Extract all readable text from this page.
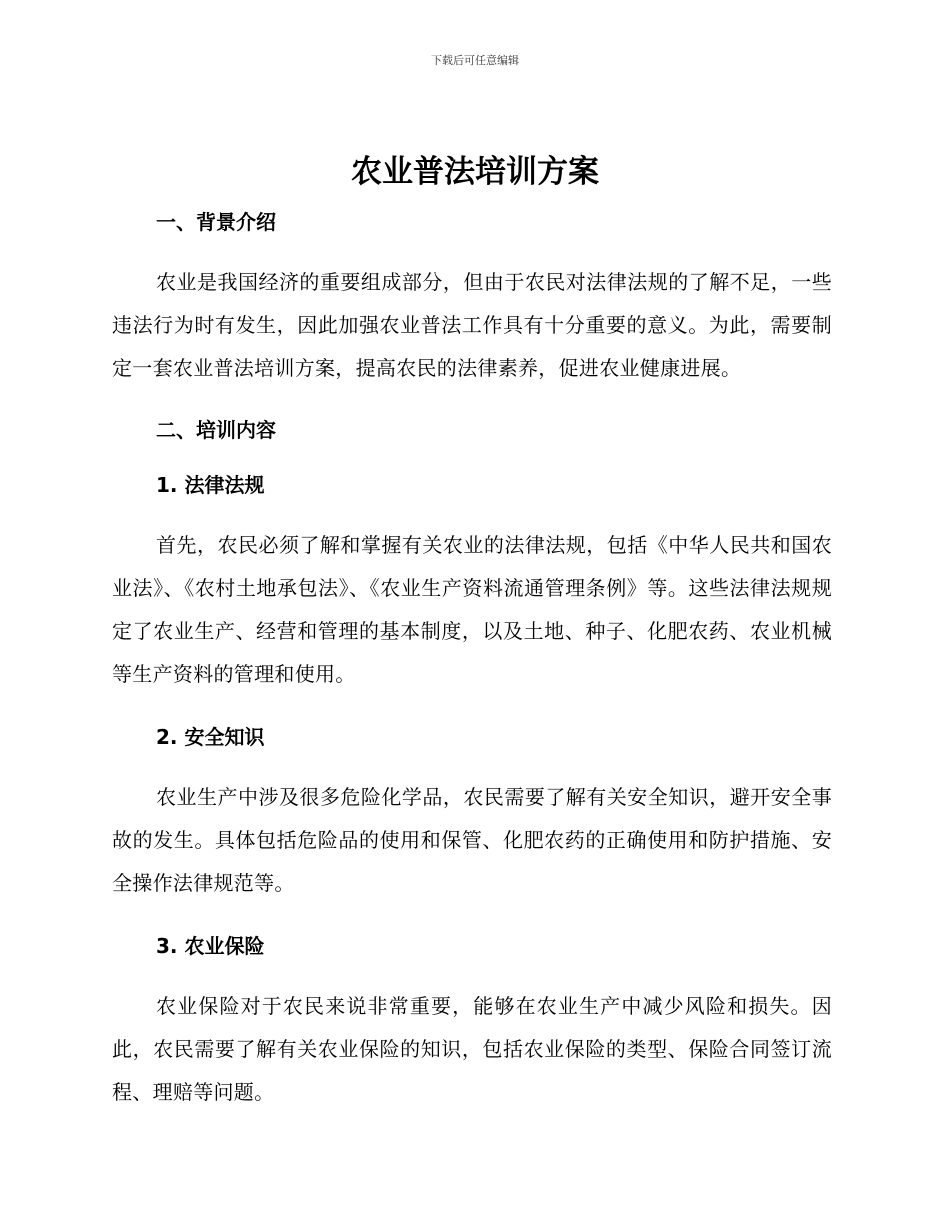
下载后可任意编辑
农业普法培训方案
一、背景介绍

农业是我国经济的重要组成部分，但由于农民对法律法规的了解不足，一些违法行为时有发生，因此加强农业普法工作具有十分重要的意义。为此，需要制定一套农业普法培训方案，提高农民的法律素养，促进农业健康进展。

二、培训内容
1. 法律法规

首先，农民必须了解和掌握有关农业的法律法规，包括《中华人民共和国农业法》、《农村土地承包法》、《农业生产资料流通管理条例》等。这些法律法规规定了农业生产、经营和管理的基本制度，以及土地、种子、化肥农药、农业机械等生产资料的管理和使用。

2. 安全知识

农业生产中涉及很多危险化学品，农民需要了解有关安全知识，避开安全事故的发生。具体包括危险品的使用和保管、化肥农药的正确使用和防护措施、安全操作法律规范等。

3. 农业保险

农业保险对于农民来说非常重要，能够在农业生产中减少风险和损失。因此，农民需要了解有关农业保险的知识，包括农业保险的类型、保险合同签订流程、理赔等问题。
